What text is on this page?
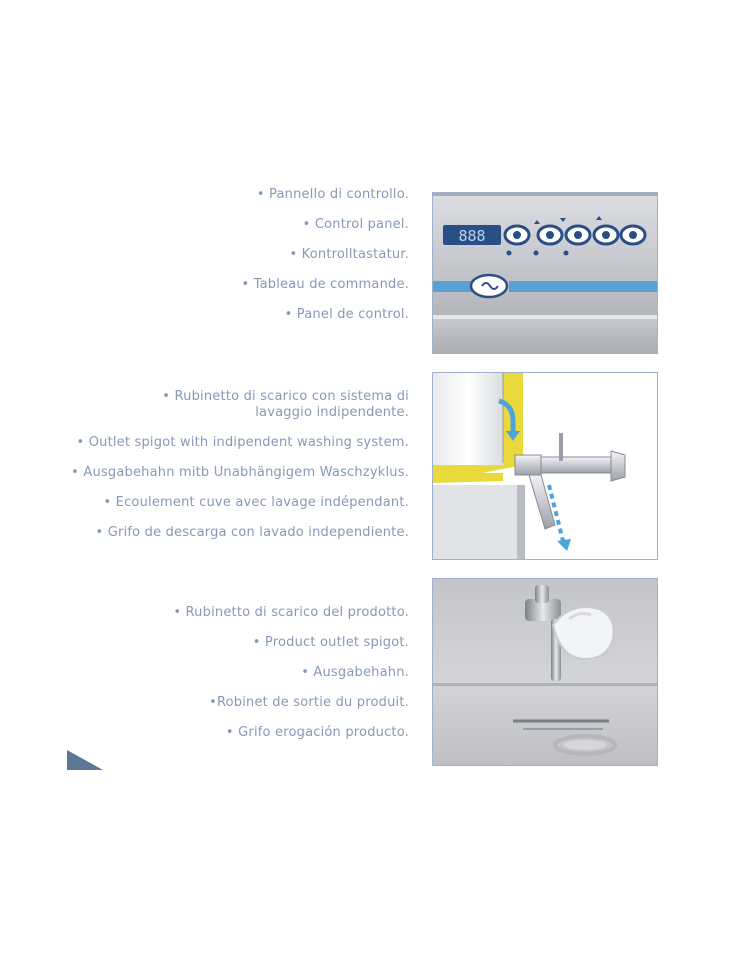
• Pannello di controllo.
• Control panel.
• Kontrolltastatur.
• Tableau de commande.
• Panel de control.
888
• Rubinetto di scarico con sistema di lavaggio indipendente.
• Outlet spigot with indipendent washing system.
• Ausgabehahn mitb Unabhängigem Waschzyklus.
• Ecoulement cuve avec lavage indépendant.
• Grifo de descarga con lavado independiente.
• Rubinetto di scarico del prodotto.
• Product outlet spigot.
• Ausgabehahn.
•Robinet de sortie du produit.
• Grifo erogación producto.
